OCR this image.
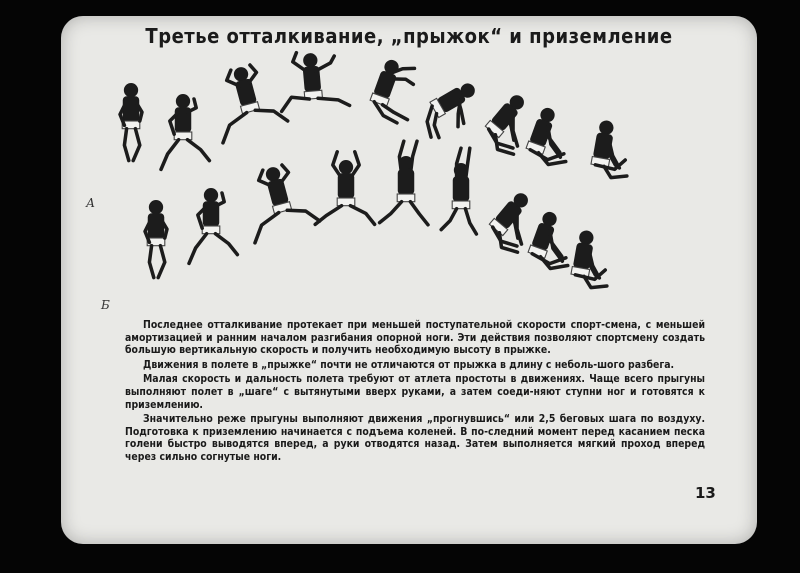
Третье отталкивание, „прыжок“ и приземление
А
Б

Последнее отталкивание протекает при меньшей поступательной скорости спорт-смена, с меньшей амортизацией и ранним началом разгибания опорной ноги. Эти действия позволяют спортсмену создать большую вертикальную скорость и получить необходимую высоту в прыжке.

Движения в полете в „прыжке“ почти не отличаются от прыжка в длину с неболь-шого разбега.

Малая скорость и дальность полета требуют от атлета простоты в движениях. Чаще всего прыгуны выполняют полет в „шаге“ с вытянутыми вверх руками, а затем соеди-няют ступни ног и готовятся к приземлению.

Значительно реже прыгуны выполняют движения „прогнувшись“ или 2,5 беговых шага по воздуху. Подготовка к приземлению начинается с подъема коленей. В по-следний момент перед касанием песка голени быстро выводятся вперед, а руки отводятся назад. Затем выполняется мягкий проход вперед через сильно согнутые ноги.

13
